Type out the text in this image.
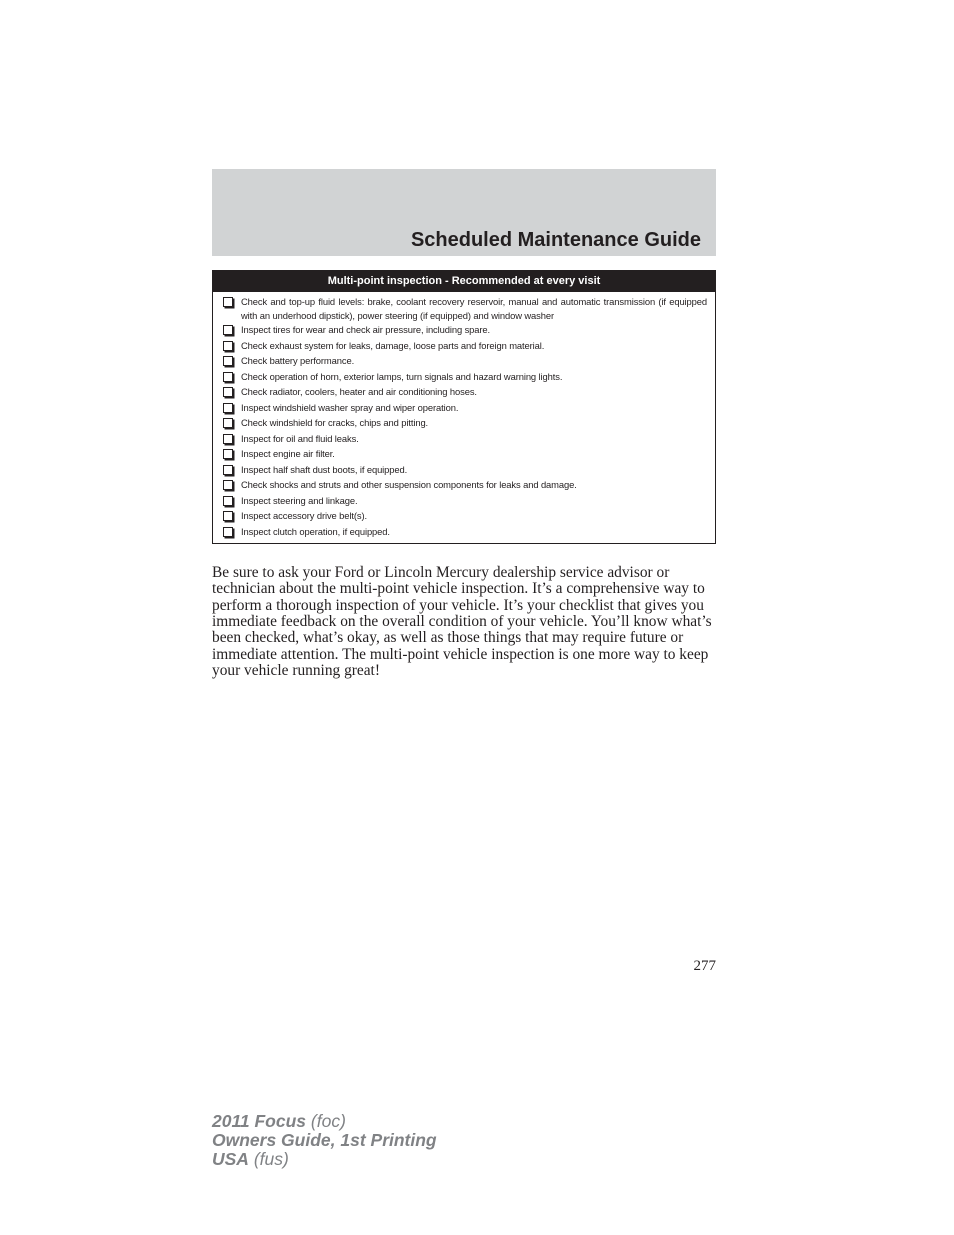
Scheduled Maintenance Guide
Multi-point inspection - Recommended at every visit
Check and top-up fluid levels: brake, coolant recovery reservoir, manual and automatic transmission (if equipped with an underhood dipstick), power steering (if equipped) and window washer
Inspect tires for wear and check air pressure, including spare.
Check exhaust system for leaks, damage, loose parts and foreign material.
Check battery performance.
Check operation of horn, exterior lamps, turn signals and hazard warning lights.
Check radiator, coolers, heater and air conditioning hoses.
Inspect windshield washer spray and wiper operation.
Check windshield for cracks, chips and pitting.
Inspect for oil and fluid leaks.
Inspect engine air filter.
Inspect half shaft dust boots, if equipped.
Check shocks and struts and other suspension components for leaks and damage.
Inspect steering and linkage.
Inspect accessory drive belt(s).
Inspect clutch operation, if equipped.

Be sure to ask your Ford or Lincoln Mercury dealership service advisor or technician about the multi-point vehicle inspection. It’s a comprehensive way to perform a thorough inspection of your vehicle. It’s your checklist that gives you immediate feedback on the overall condition of your vehicle. You’ll know what’s been checked, what’s okay, as well as those things that may require future or immediate attention. The multi-point vehicle inspection is one more way to keep your vehicle running great!

277
2011 Focus (foc)
Owners Guide, 1st Printing
USA (fus)
